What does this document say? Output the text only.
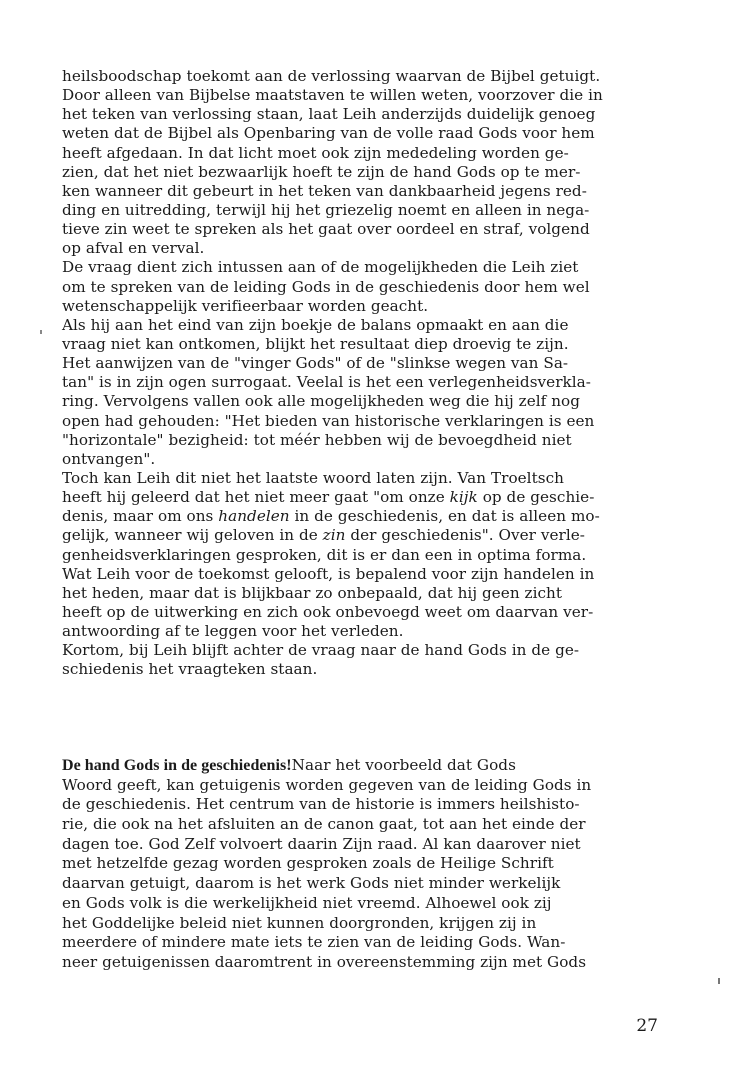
heilsboodschap toekomt aan de verlossing waarvan de Bijbel getuigt.
Door alleen van Bijbelse maatstaven te willen weten, voorzover die in
het teken van verlossing staan, laat Leih anderzijds duidelijk genoeg
weten dat de Bijbel als Openbaring van de volle raad Gods voor hem
heeft afgedaan. In dat licht moet ook zijn mededeling worden ge-
zien, dat het niet bezwaarlijk hoeft te zijn de hand Gods op te mer-
ken wanneer dit gebeurt in het teken van dankbaarheid jegens red-
ding en uitredding, terwijl hij het griezelig noemt en alleen in nega-
tieve zin weet te spreken als het gaat over oordeel en straf, volgend
op afval en verval.
De vraag dient zich intussen aan of de mogelijkheden die Leih ziet
om te spreken van de leiding Gods in de geschiedenis door hem wel
wetenschappelijk verifieerbaar worden geacht.
Als hij aan het eind van zijn boekje de balans opmaakt en aan die
vraag niet kan ontkomen, blijkt het resultaat diep droevig te zijn.
Het aanwijzen van de "vinger Gods" of de "slinkse wegen van Sa-
tan" is in zijn ogen surrogaat. Veelal is het een verlegenheidsverkla-
ring. Vervolgens vallen ook alle mogelijkheden weg die hij zelf nog
open had gehouden: "Het bieden van historische verklaringen is een
"horizontale" bezigheid: tot méér hebben wij de bevoegdheid niet
ontvangen".
Toch kan Leih dit niet het laatste woord laten zijn. Van Troeltsch
heeft hij geleerd dat het niet meer gaat "om onze kijk op de geschie-
denis, maar om ons handelen in de geschiedenis, en dat is alleen mo-
gelijk, wanneer wij geloven in de zin der geschiedenis". Over verle-
genheidsverklaringen gesproken, dit is er dan een in optima forma.
Wat Leih voor de toekomst gelooft, is bepalend voor zijn handelen in
het heden, maar dat is blijkbaar zo onbepaald, dat hij geen zicht
heeft op de uitwerking en zich ook onbevoegd weet om daarvan ver-
antwoording af te leggen voor het verleden.
Kortom, bij Leih blijft achter de vraag naar de hand Gods in de ge-
schiedenis het vraagteken staan.
De hand Gods in de geschiedenis!Naar het voorbeeld dat Gods
Woord geeft, kan getuigenis worden gegeven van de leiding Gods in
de geschiedenis. Het centrum van de historie is immers heilshisto-
rie, die ook na het afsluiten an de canon gaat, tot aan het einde der
dagen toe. God Zelf volvoert daarin Zijn raad. Al kan daarover niet
met hetzelfde gezag worden gesproken zoals de Heilige Schrift
daarvan getuigt, daarom is het werk Gods niet minder werkelijk
en Gods volk is die werkelijkheid niet vreemd. Alhoewel ook zij
het Goddelijke beleid niet kunnen doorgronden, krijgen zij in
meerdere of mindere mate iets te zien van de leiding Gods. Wan-
neer getuigenissen daaromtrent in overeenstemming zijn met Gods
27
